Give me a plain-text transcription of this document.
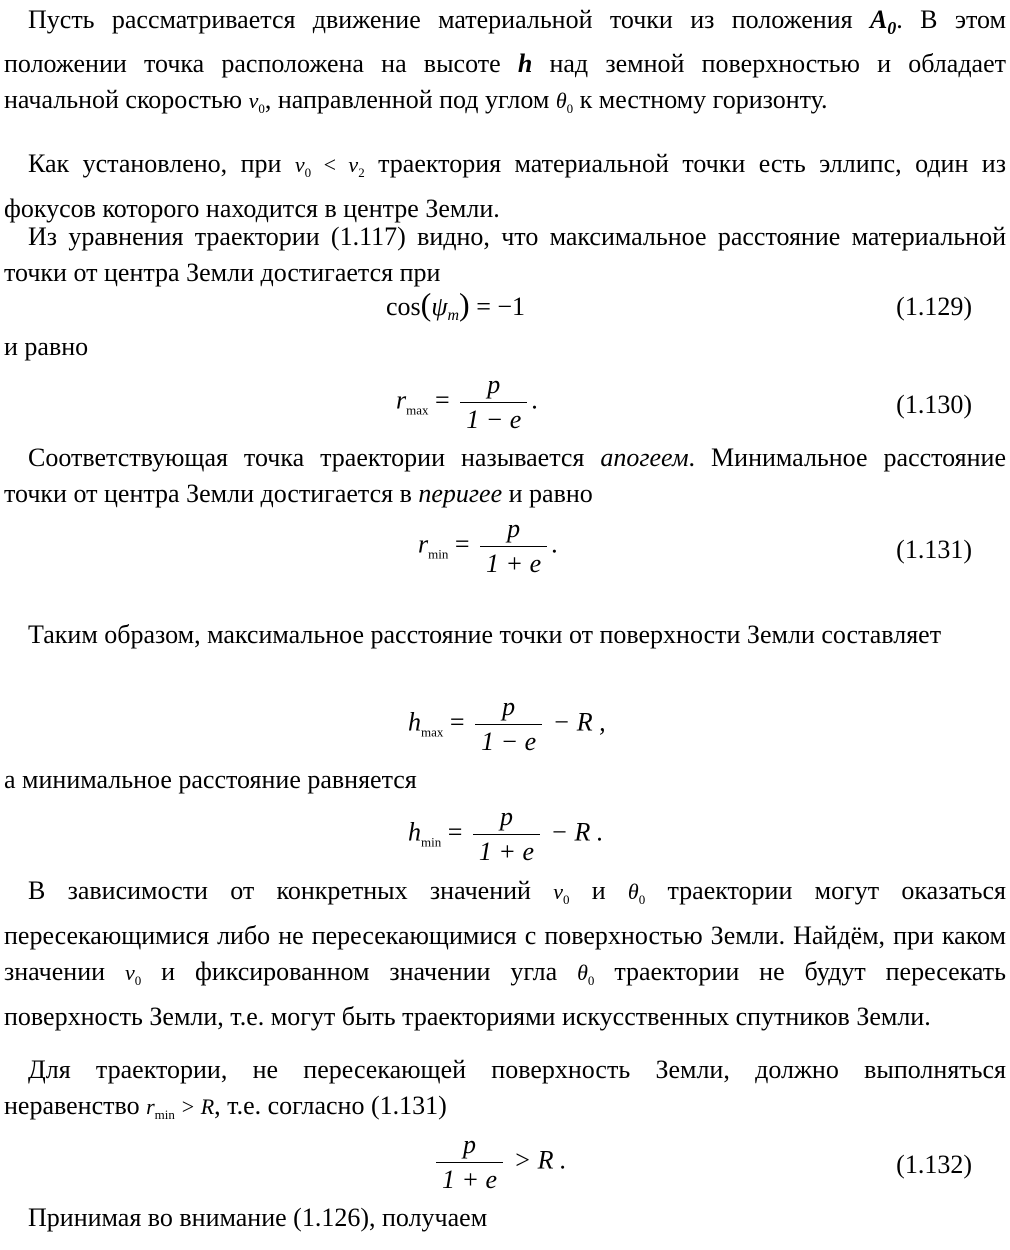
Пусть рассматривается движение материальной точки из положения $A_0$. В этом положении точка расположена на высоте h над земной поверхностью и обладает начальной скоростью $v_0$, направленной под углом $\theta_0$ к местному горизонту.
Как установлено, при $v_0 < v_2$ траектория материальной точки есть эллипс, один из фокусов которого находится в центре Земли.
Из уравнения траектории (1.117) видно, что максимальное расстояние материальной точки от центра Земли достигается при
$\cos(\psi_m) = -1$	(1.129)
и равно
$r_{max} = \frac{p}{1 - e}$ .	(1.130)
Соответствующая точка траектории называется апогеем. Минимальное расстояние точки от центра Земли достигается в перигее и равно
$r_{min} = \frac{p}{1 + e}$ .	(1.131)
Таким образом, максимальное расстояние точки от поверхности Земли составляет
$h_{max} = \frac{p}{1 - e} - R$ ,
а минимальное расстояние равняется
$h_{min} = \frac{p}{1 + e} - R$ .
В зависимости от конкретных значений $v_0$ и $\theta_0$ траектории могут оказаться пересекающимися либо не пересекающимися с поверхностью Земли. Найдём, при каком значении $v_0$ и фиксированном значении угла $\theta_0$ траектории не будут пересекать поверхность Земли, т.е. могут быть траекториями искусственных спутников Земли.
Для траектории, не пересекающей поверхность Земли, должно выполняться неравенство $r_{min} > R$, т.е. согласно (1.131)
$\frac{p}{1 + e} > R$ .	(1.132)
Принимая во внимание (1.126), получаем
